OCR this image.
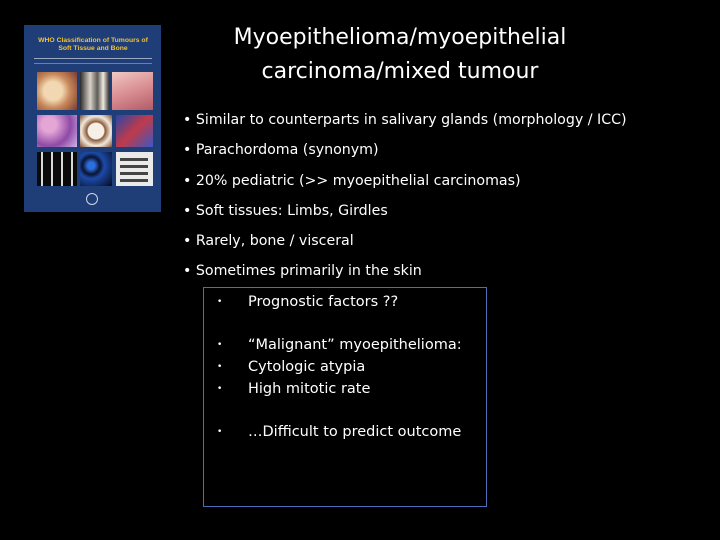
WHO Classification of Tumours of
Soft Tissue and Bone	Myoepithelioma/myoepithelial
carcinoma/mixed tumour
• Similar to counterparts in salivary glands (morphology / ICC)
• Parachordoma (synonym)
• 20% pediatric (>> myoepithelial carcinomas)
• Soft tissues: Limbs, Girdles
• Rarely, bone / visceral
• Sometimes primarily in the skin
•	Prognostic factors ??
•	“Malignant” myoepithelioma:
•	Cytologic atypia
•	High mitotic rate
•	…Difficult to predict outcome
